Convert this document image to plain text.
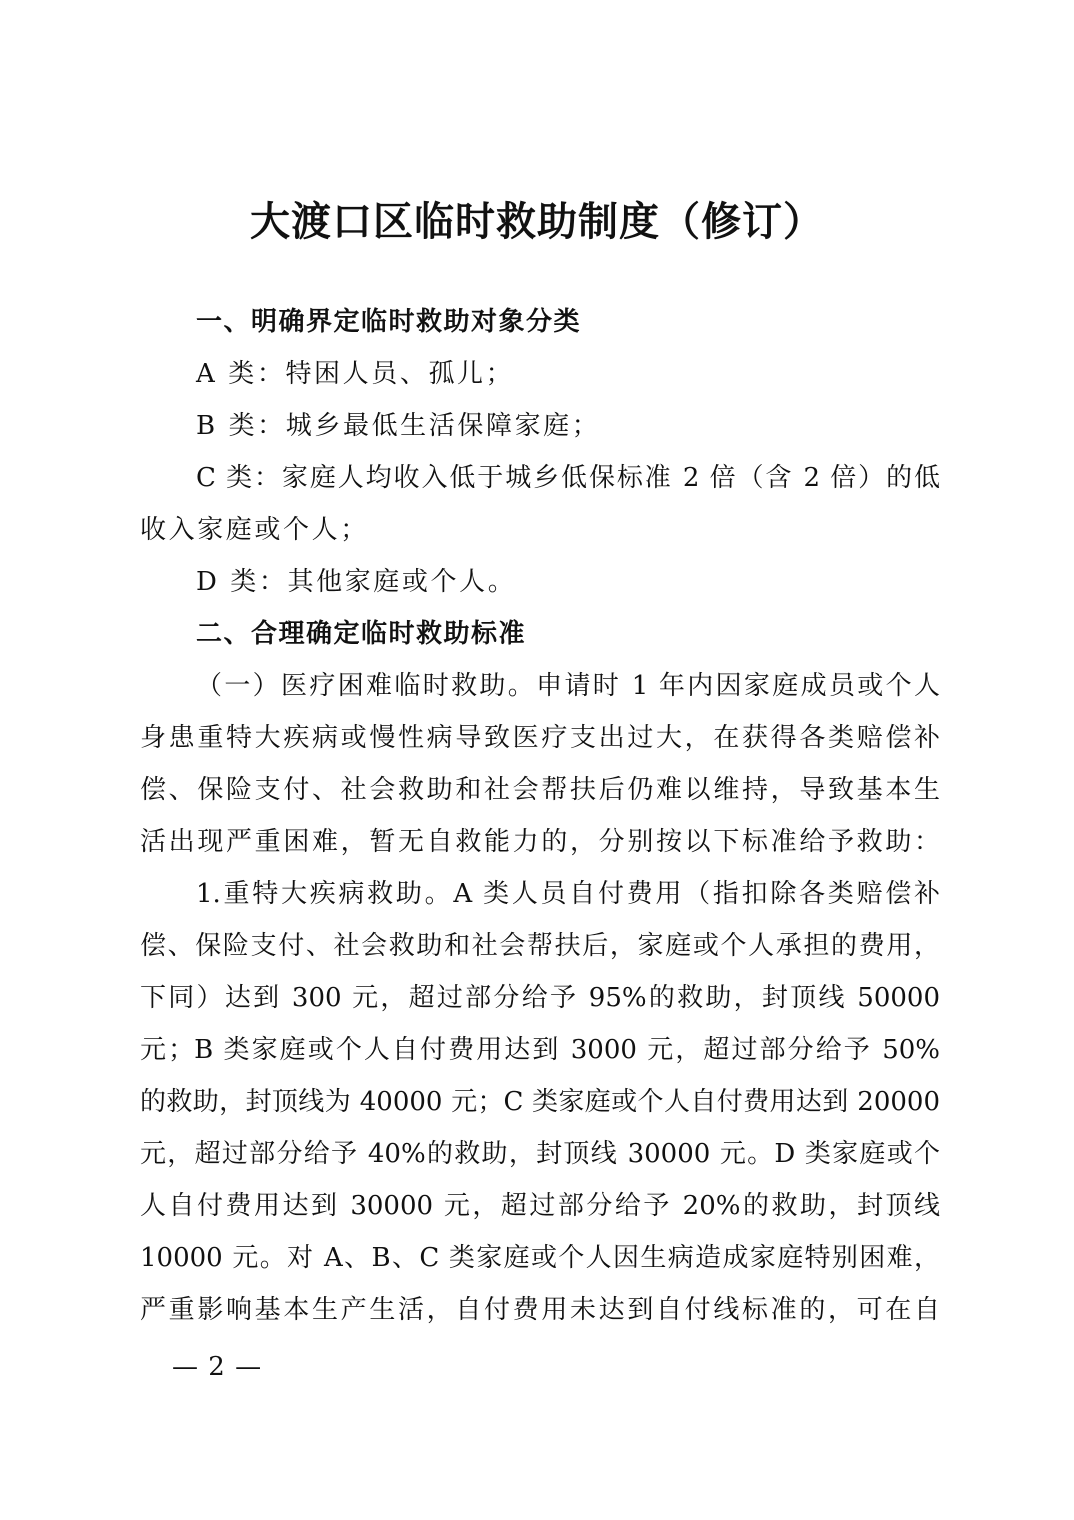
大渡口区临时救助制度（修订）
一、明确界定临时救助对象分类
A 类：特困人员、孤儿；
B 类：城乡最低生活保障家庭；
C 类：家庭人均收入低于城乡低保标准 2 倍（含 2 倍）的低
收入家庭或个人；
D 类：其他家庭或个人。
二、合理确定临时救助标准
（一）医疗困难临时救助。申请时 1 年内因家庭成员或个人
身患重特大疾病或慢性病导致医疗支出过大，在获得各类赔偿补
偿、保险支付、社会救助和社会帮扶后仍难以维持，导致基本生
活出现严重困难，暂无自救能力的，分别按以下标准给予救助：
1.重特大疾病救助。A 类人员自付费用（指扣除各类赔偿补
偿、保险支付、社会救助和社会帮扶后，家庭或个人承担的费用，
下同）达到 300 元，超过部分给予 95%的救助，封顶线 50000
元；B 类家庭或个人自付费用达到 3000 元，超过部分给予 50%
的救助，封顶线为 40000 元；C 类家庭或个人自付费用达到 20000
元，超过部分给予 40%的救助，封顶线 30000 元。D 类家庭或个
人自付费用达到 30000 元，超过部分给予 20%的救助，封顶线
10000 元。对 A、B、C 类家庭或个人因生病造成家庭特别困难，
严重影响基本生产生活，自付费用未达到自付线标准的，可在自
— 2 —
